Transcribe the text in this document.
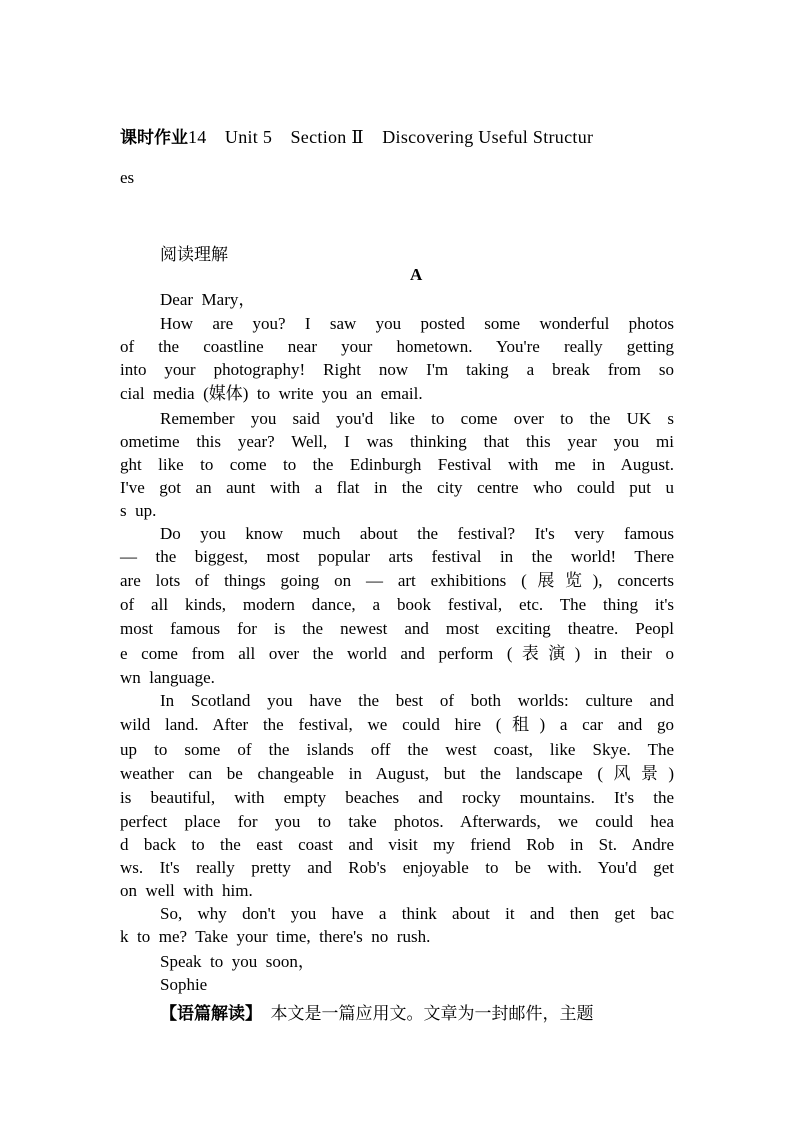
课时作业14　Unit 5　Section Ⅱ　Discovering Useful Structur
es
阅读理解
A
Dear  Mary，
How are you? I saw you posted some wonderful photos
of the coastline near your hometown. You're really getting
into your photography! Right now I'm taking a break from so
cial  media  (媒体)  to  write  you  an  email.
Remember you said you'd like to come over to the UK s
ometime this year? Well, I was thinking that this year you mi
ght like to come to the Edinburgh Festival with me in August.
I've got an aunt with a flat in the city centre who could put u
s  up.
Do you know much about the festival? It's very famous
— the biggest, most popular arts festival in the world! There
are lots of things going on — art exhibitions (展览), concerts
of all kinds, modern dance, a book festival, etc. The thing it's
most famous for is the newest and most exciting theatre. Peopl
e come from all over the world and perform (表演) in their o
wn  language.
In Scotland you have the best of both worlds: culture and
wild land. After the festival, we could hire (租) a car and go
up to some of the islands off the west coast, like Skye. The
weather can be changeable in August, but the landscape (风景)
is beautiful, with empty beaches and rocky mountains. It's the
perfect place for you to take photos. Afterwards, we could hea
d back to the east coast and visit my friend Rob in St. Andre
ws. It's really pretty and Rob's enjoyable to be with. You'd get
on  well  with  him.
So, why don't you have a think about it and then get bac
k  to  me?  Take  your  time,  there's  no  rush.
Speak  to  you  soon，
Sophie
【语篇解读】　本文是一篇应用文。文章为一封邮件，主题
